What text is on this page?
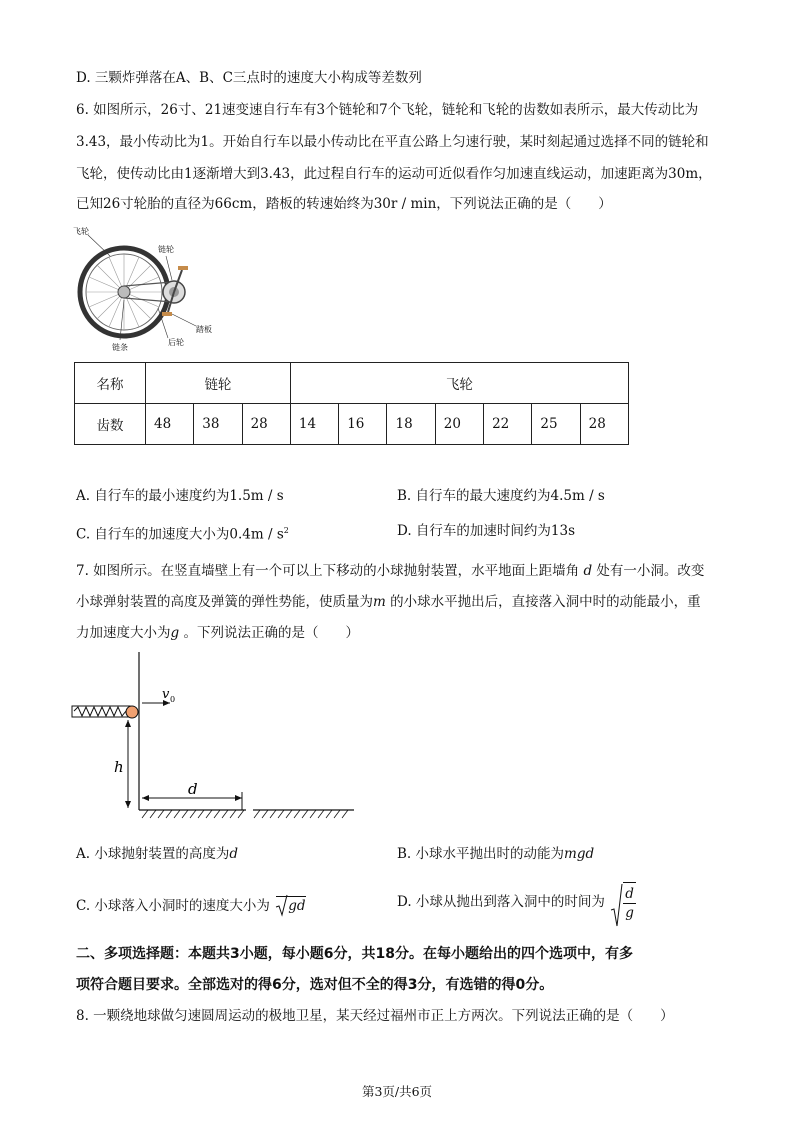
D. 三颗炸弹落在A、B、C三点时的速度大小构成等差数列
6. 如图所示，26寸、21速变速自行车有3个链轮和7个飞轮，链轮和飞轮的齿数如表所示，最大传动比为
3.43，最小传动比为1。开始自行车以最小传动比在平直公路上匀速行驶，某时刻起通过选择不同的链轮和
飞轮，使传动比由1逐渐增大到3.43，此过程自行车的运动可近似看作匀加速直线运动，加速距离为30m，
已知26寸轮胎的直径为66cm，踏板的转速始终为30r / min，下列说法正确的是（　　）
飞轮
链轮
踏板
后轮
链条
名称	链轮			飞轮						
齿数	48	38	28	14	16	18	20	22	25	28
A. 自行车的最小速度约为1.5m / s	B. 自行车的最大速度约为4.5m / s
C. 自行车的加速度大小为$0.4m / s^2$	D. 自行车的加速时间约为13s
7. 如图所示。在竖直墙壁上有一个可以上下移动的小球抛射装置，水平地面上距墙角 d 处有一小洞。改变
小球弹射装置的高度及弹簧的弹性势能，使质量为m 的小球水平抛出后，直接落入洞中时的动能最小，重
力加速度大小为g 。下列说法正确的是（　　）
v 0
h
d
A. 小球抛射装置的高度为d	B. 小球水平抛出时的动能为mgd
C. 小球落入小洞时的速度大小为 gd	D. 小球从抛出到落入洞中的时间为 $\frac{d}{g}$
二、多项选择题：本题共3小题，每小题6分，共18分。在每小题给出的四个选项中，有多
项符合题目要求。全部选对的得6分，选对但不全的得3分，有选错的得0分。
8. 一颗绕地球做匀速圆周运动的极地卫星，某天经过福州市正上方两次。下列说法正确的是（　　）
第3页/共6页
